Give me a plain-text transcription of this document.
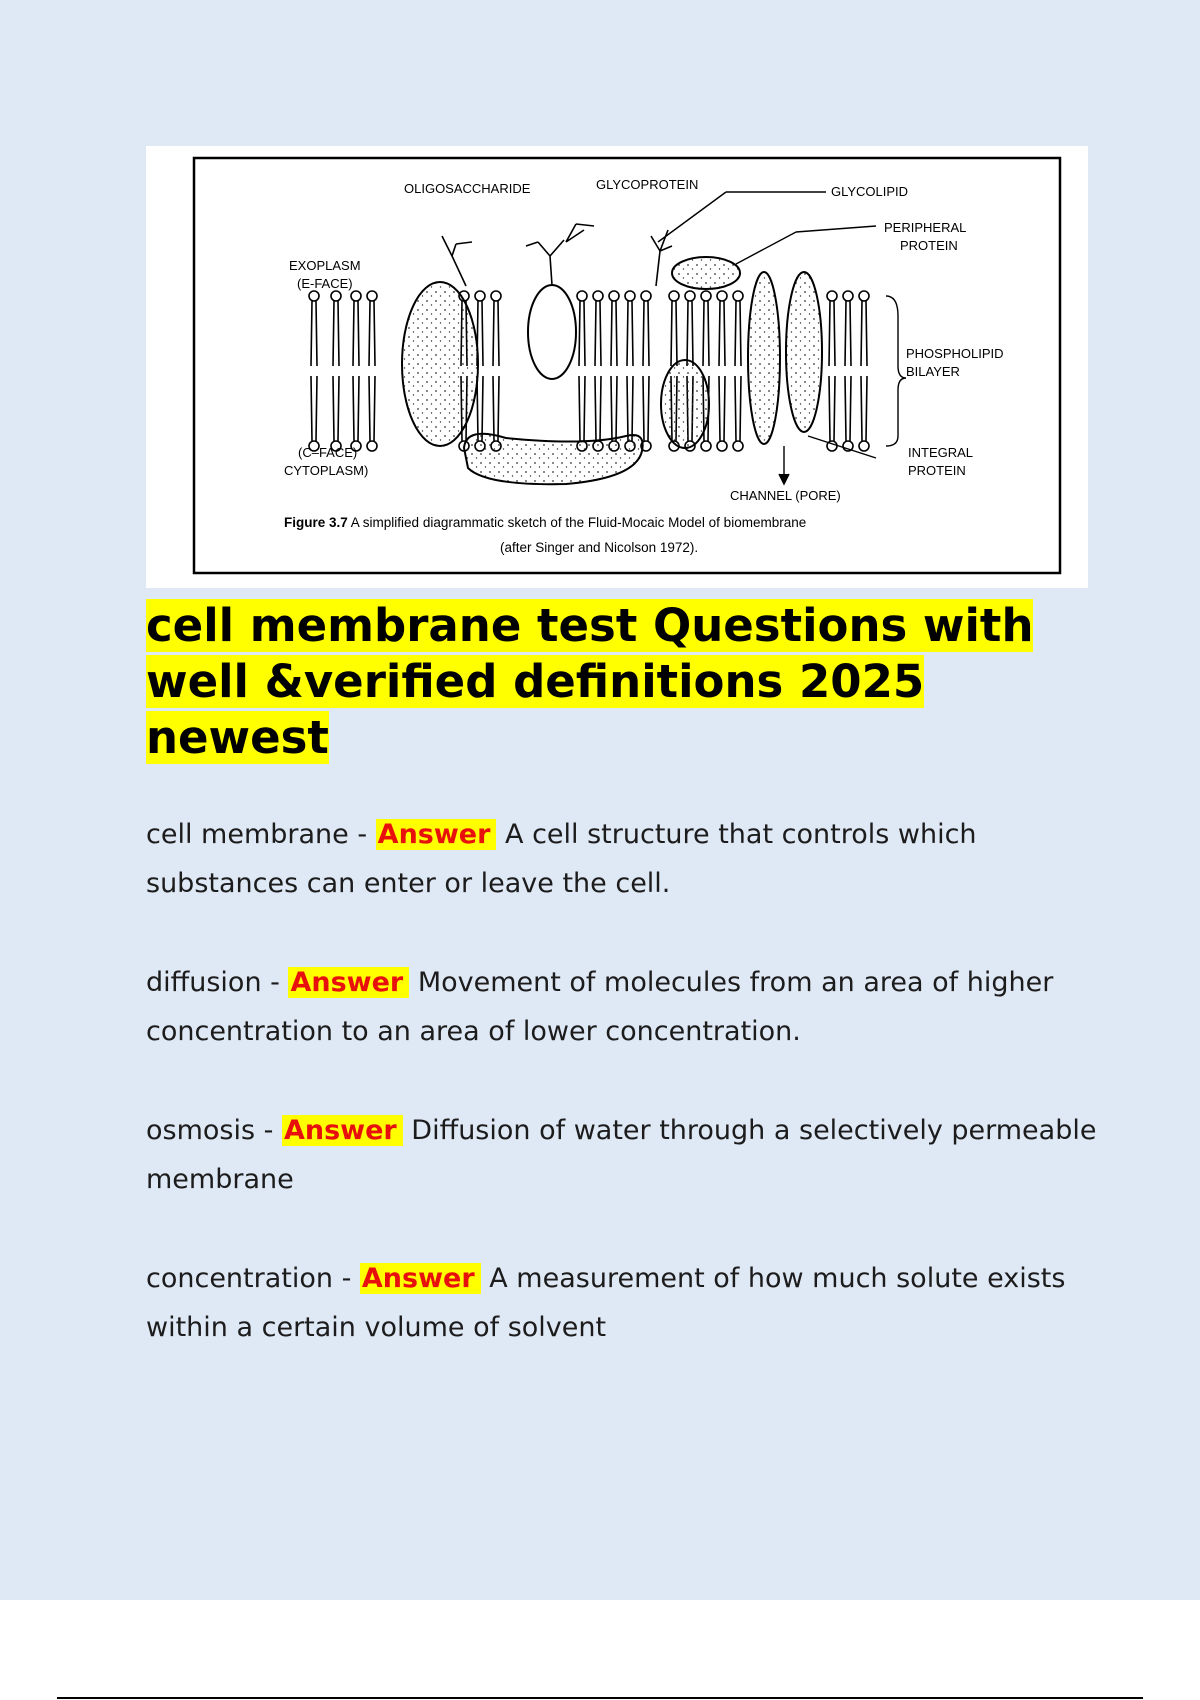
OLIGOSACCHARIDE	GLYCOPROTEIN	GLYCOLIPID
PERIPHERAL
PROTEIN
EXOPLASM
(E-FACE)
PHOSPHOLIPID
BILAYER
(C–FACE)
CYTOPLASM)
INTEGRAL
PROTEIN
CHANNEL (PORE)
Figure 3.7 A simplified diagrammatic sketch of the Fluid-Mocaic Model of biomembrane
(after Singer and Nicolson 1972).
cell membrane test Questions with well &verified definitions 2025 newest
cell membrane - Answer A cell structure that controls which substances can enter or leave the cell.
diffusion - Answer Movement of molecules from an area of higher concentration to an area of lower concentration.
osmosis - Answer Diffusion of water through a selectively permeable membrane
concentration - Answer A measurement of how much solute exists within a certain volume of solvent
